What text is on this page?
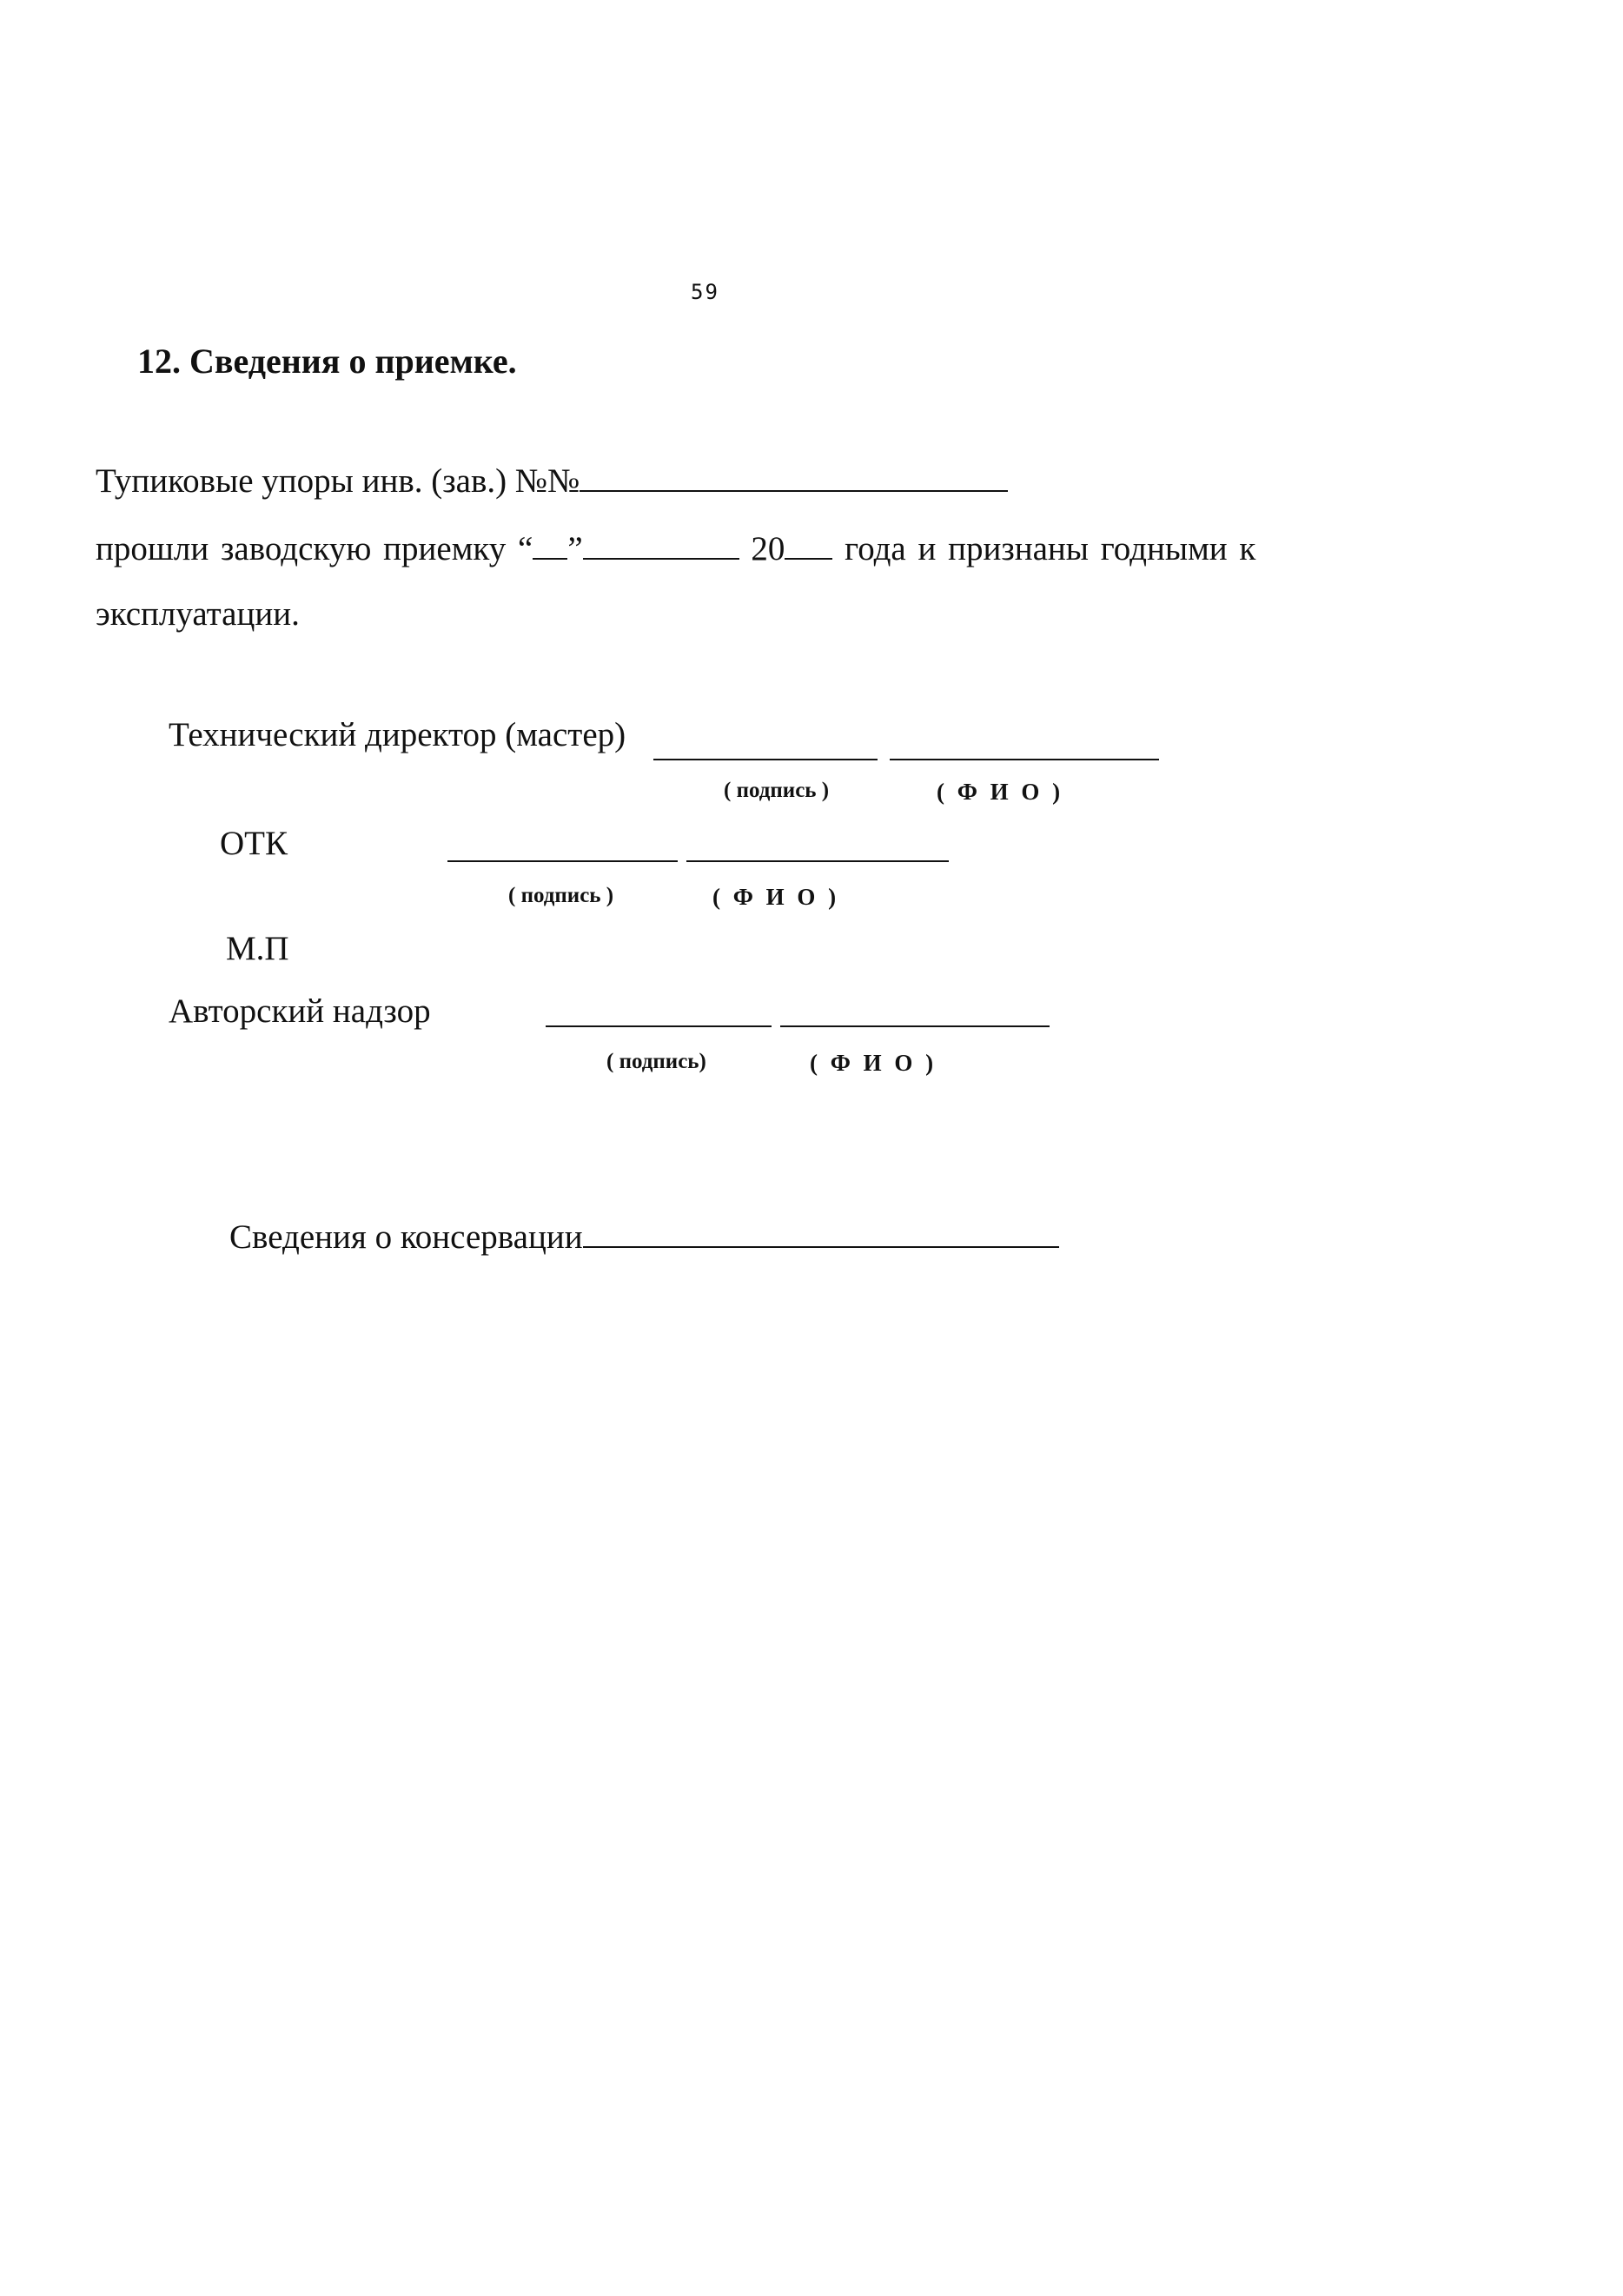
59
12. Сведения о приемке.
Тупиковые упоры инв. (зав.) №№
прошли заводскую приемку “ ”	20 года и признаны годными к
эксплуатации.
Технический директор (мастер)
( подпись )	( Ф И О )
ОТК
( подпись )	( Ф И О )
М.П
Авторский надзор
( подпись)	( Ф И О )
Сведения о консервации
